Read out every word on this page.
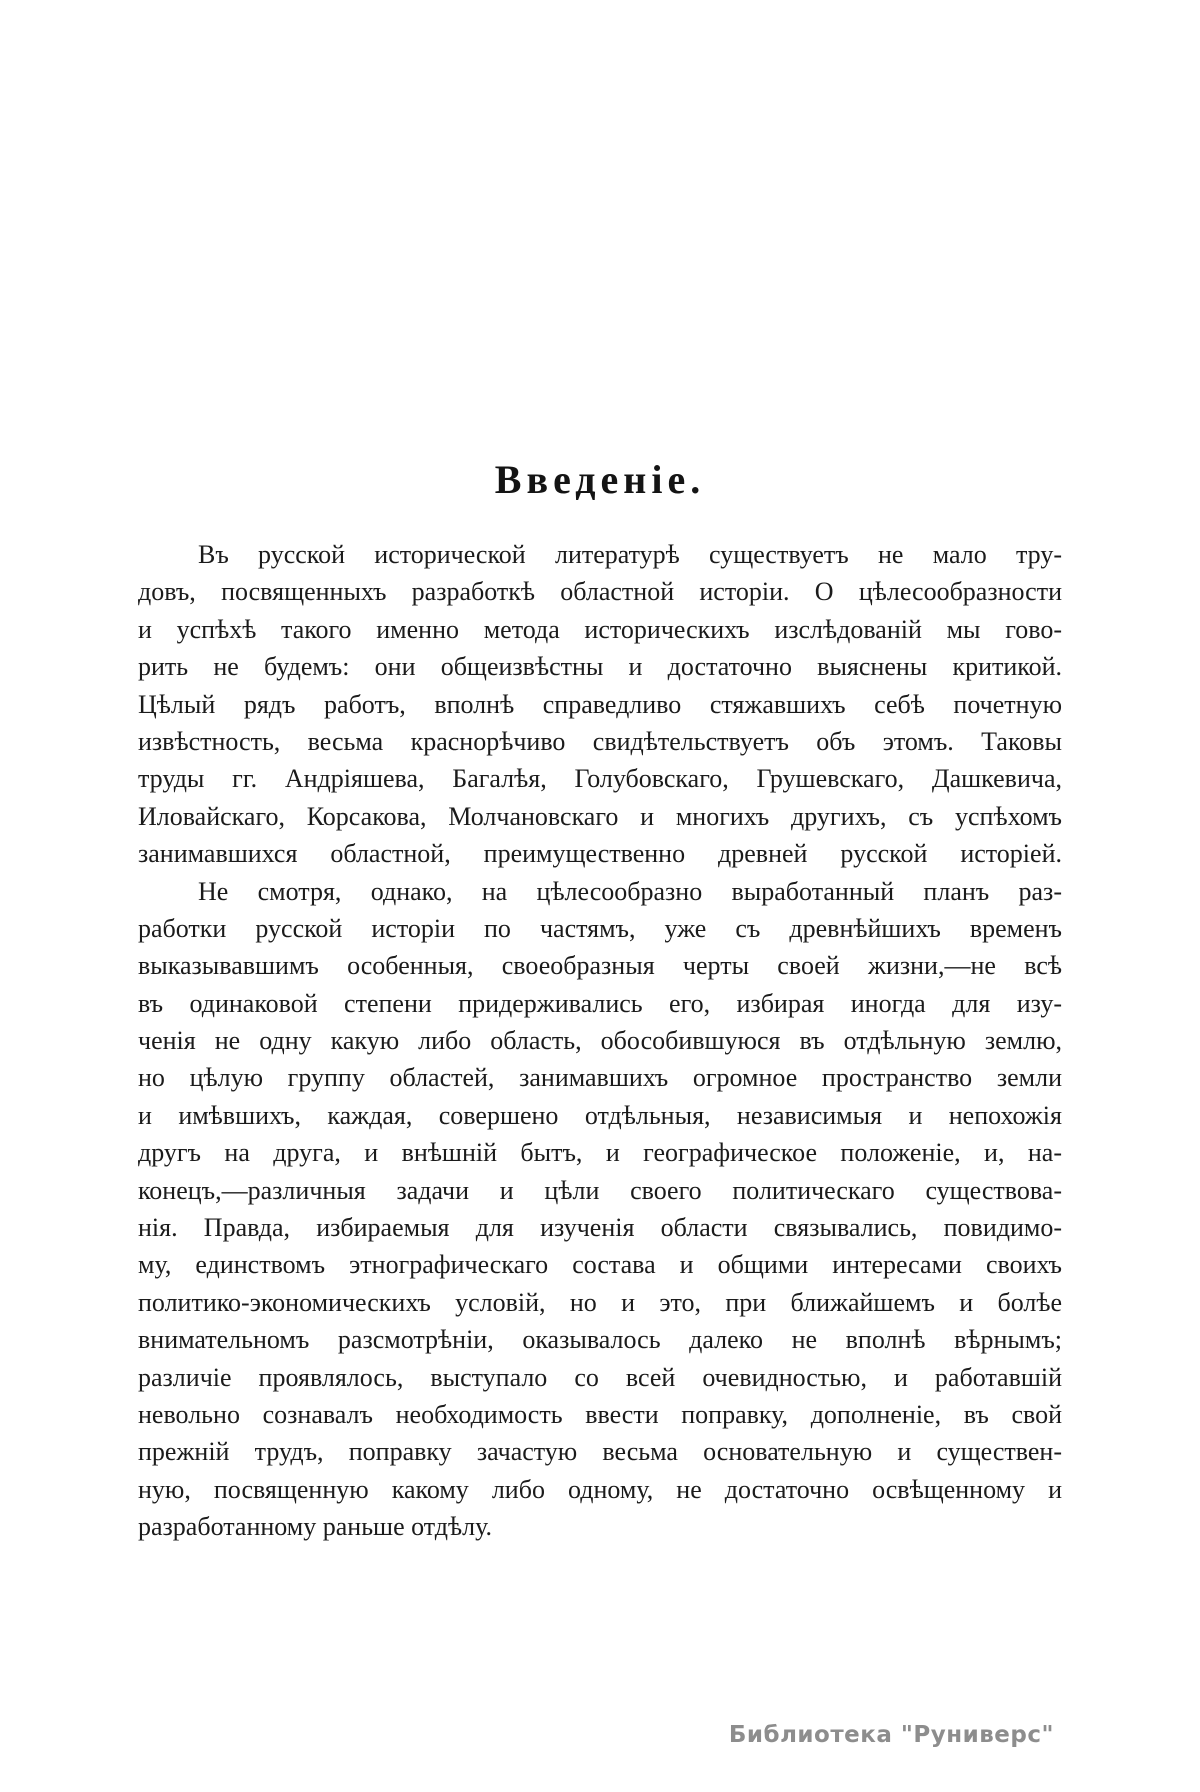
Введеніе.
Въ русской исторической литературѣ существуетъ не мало тру-
довъ, посвященныхъ разработкѣ областной исторіи. О цѣлесообразности
и успѣхѣ такого именно метода историческихъ изслѣдованій мы гово-
рить не будемъ: они общеизвѣстны и достаточно выяснены критикой.
Цѣлый рядъ работъ, вполнѣ справедливо стяжавшихъ себѣ почетную
извѣстность, весьма краснорѣчиво свидѣтельствуетъ объ этомъ. Таковы
труды гг. Андріяшева, Багалѣя, Голубовскаго, Грушевскаго, Дашкевича,
Иловайскаго, Корсакова, Молчановскаго и многихъ другихъ, съ успѣхомъ
занимавшихся областной, преимущественно древней русской исторіей.
Не смотря, однако, на цѣлесообразно выработанный планъ раз-
работки русской исторіи по частямъ, уже съ древнѣйшихъ временъ
выказывавшимъ особенныя, своеобразныя черты своей жизни,—не всѣ
въ одинаковой степени придерживались его, избирая иногда для изу-
ченія не одну какую либо область, обособившуюся въ отдѣльную землю,
но цѣлую группу областей, занимавшихъ огромное пространство земли
и имѣвшихъ, каждая, совершено отдѣльныя, независимыя и непохожія
другъ на друга, и внѣшній бытъ, и географическое положеніе, и, на-
конецъ,—различныя задачи и цѣли своего политическаго существова-
нія. Правда, избираемыя для изученія области связывались, повидимо-
му, единствомъ этнографическаго состава и общими интересами своихъ
политико-экономическихъ условій, но и это, при ближайшемъ и болѣе
внимательномъ разсмотрѣніи, оказывалось далеко не вполнѣ вѣрнымъ;
различіе проявлялось, выступало со всей очевидностью, и работавшій
невольно сознавалъ необходимость ввести поправку, дополненіе, въ свой
прежній трудъ, поправку зачастую весьма основательную и существен-
ную, посвященную какому либо одному, не достаточно освѣщенному и
разработанному раньше отдѣлу.
Библиотека "Руниверс"
